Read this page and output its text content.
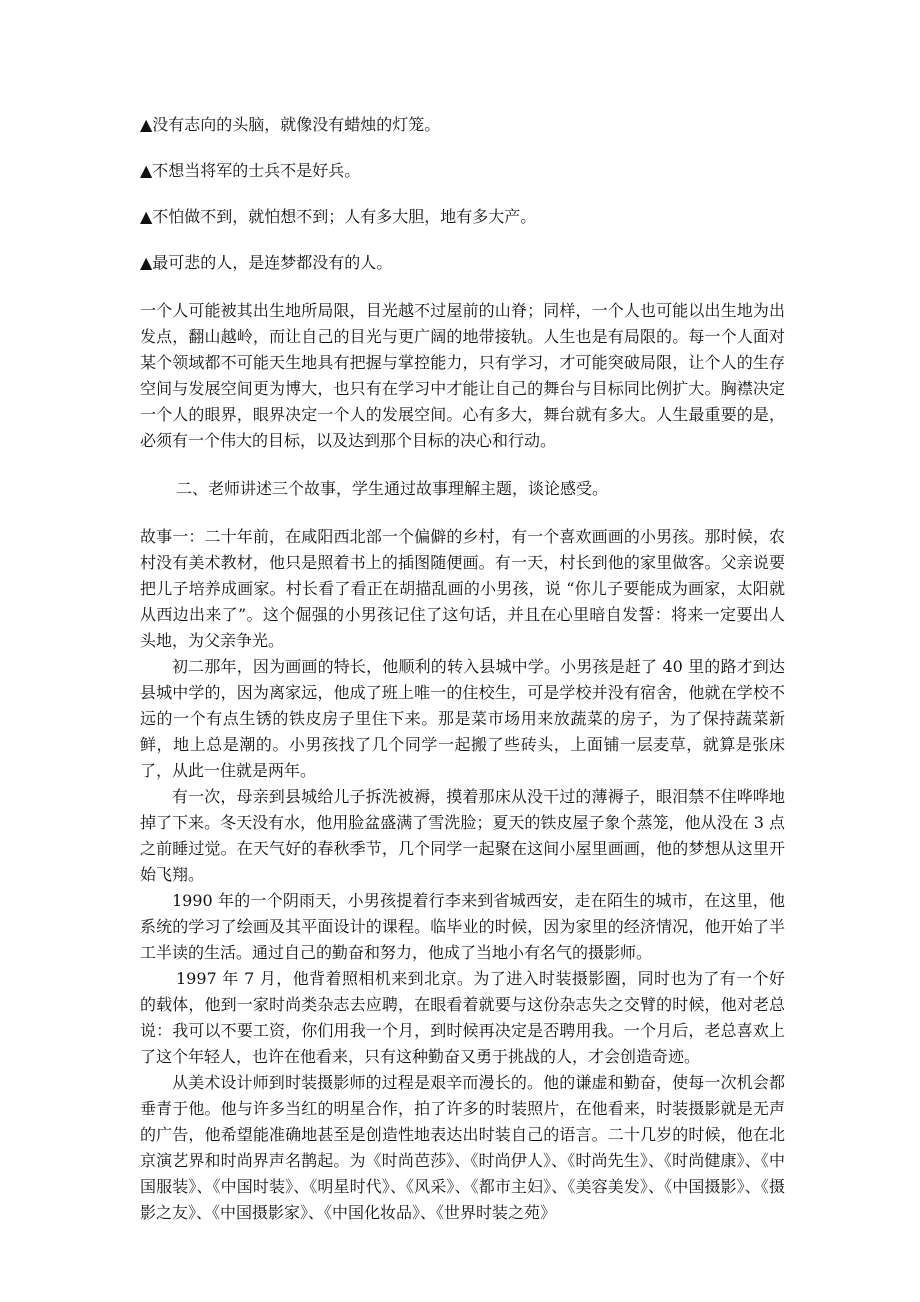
▲没有志向的头脑，就像没有蜡烛的灯笼。

▲不想当将军的士兵不是好兵。

▲不怕做不到，就怕想不到；人有多大胆，地有多大产。

▲最可悲的人，是连梦都没有的人。

一个人可能被其出生地所局限，目光越不过屋前的山脊；同样，一个人也可能以出生地为出发点，翻山越岭，而让自己的目光与更广阔的地带接轨。人生也是有局限的。每一个人面对某个领域都不可能天生地具有把握与掌控能力，只有学习，才可能突破局限，让个人的生存空间与发展空间更为博大，也只有在学习中才能让自己的舞台与目标同比例扩大。胸襟决定一个人的眼界，眼界决定一个人的发展空间。心有多大，舞台就有多大。人生最重要的是，必须有一个伟大的目标，以及达到那个目标的决心和行动。

二、老师讲述三个故事，学生通过故事理解主题，谈论感受。

故事一：二十年前，在咸阳西北部一个偏僻的乡村，有一个喜欢画画的小男孩。那时候，农村没有美术教材，他只是照着书上的插图随便画。有一天，村长到他的家里做客。父亲说要把儿子培养成画家。村长看了看正在胡描乱画的小男孩，说 “你儿子要能成为画家，太阳就从西边出来了”。这个倔强的小男孩记住了这句话，并且在心里暗自发誓：将来一定要出人头地，为父亲争光。

初二那年，因为画画的特长，他顺利的转入县城中学。小男孩是赶了 40 里的路才到达县城中学的，因为离家远，他成了班上唯一的住校生，可是学校并没有宿舍，他就在学校不远的一个有点生锈的铁皮房子里住下来。那是菜市场用来放蔬菜的房子，为了保持蔬菜新鲜，地上总是潮的。小男孩找了几个同学一起搬了些砖头，上面铺一层麦草，就算是张床了，从此一住就是两年。

有一次，母亲到县城给儿子拆洗被褥，摸着那床从没干过的薄褥子，眼泪禁不住哗哗地掉了下来。冬天没有水，他用脸盆盛满了雪洗脸；夏天的铁皮屋子象个蒸笼，他从没在 3 点之前睡过觉。在天气好的春秋季节，几个同学一起聚在这间小屋里画画，他的梦想从这里开始飞翔。

1990 年的一个阴雨天，小男孩提着行李来到省城西安，走在陌生的城市，在这里，他系统的学习了绘画及其平面设计的课程。临毕业的时候，因为家里的经济情况，他开始了半工半读的生活。通过自己的勤奋和努力，他成了当地小有名气的摄影师。

1997 年 7 月，他背着照相机来到北京。为了进入时装摄影圈，同时也为了有一个好的载体，他到一家时尚类杂志去应聘，在眼看着就要与这份杂志失之交臂的时候，他对老总说：我可以不要工资，你们用我一个月，到时候再决定是否聘用我。一个月后，老总喜欢上了这个年轻人，也许在他看来，只有这种勤奋又勇于挑战的人，才会创造奇迹。

从美术设计师到时装摄影师的过程是艰辛而漫长的。他的谦虚和勤奋，使每一次机会都垂青于他。他与许多当红的明星合作，拍了许多的时装照片，在他看来，时装摄影就是无声的广告，他希望能准确地甚至是创造性地表达出时装自己的语言。二十几岁的时候，他在北京演艺界和时尚界声名鹊起。为《时尚芭莎》、《时尚伊人》、《时尚先生》、《时尚健康》、《中国服装》、《中国时装》、《明星时代》、《风采》、《都市主妇》、《美容美发》、《中国摄影》、《摄影之友》、《中国摄影家》、《中国化妆品》、《世界时装之苑》
